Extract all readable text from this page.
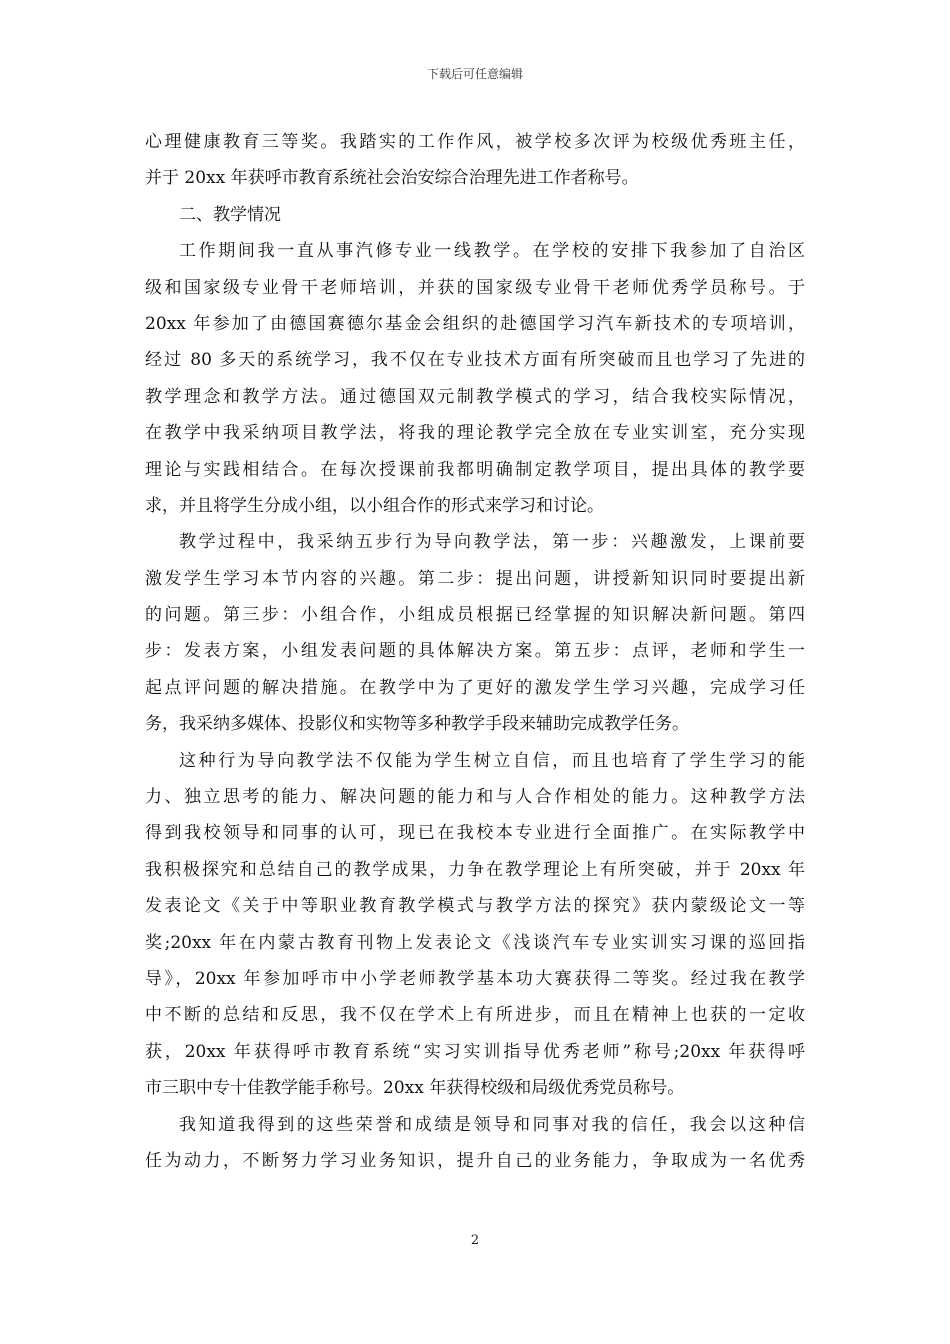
下载后可任意编辑
心理健康教育三等奖。我踏实的工作作风，被学校多次评为校级优秀班主任，
并于 20xx 年获呼市教育系统社会治安综合治理先进工作者称号。
二、教学情况
工作期间我一直从事汽修专业一线教学。在学校的安排下我参加了自治区
级和国家级专业骨干老师培训，并获的国家级专业骨干老师优秀学员称号。于
20xx 年参加了由德国赛德尔基金会组织的赴德国学习汽车新技术的专项培训，
经过 80 多天的系统学习，我不仅在专业技术方面有所突破而且也学习了先进的
教学理念和教学方法。通过德国双元制教学模式的学习，结合我校实际情况，
在教学中我采纳项目教学法，将我的理论教学完全放在专业实训室，充分实现
理论与实践相结合。在每次授课前我都明确制定教学项目，提出具体的教学要
求，并且将学生分成小组，以小组合作的形式来学习和讨论。
教学过程中，我采纳五步行为导向教学法，第一步：兴趣激发，上课前要
激发学生学习本节内容的兴趣。第二步：提出问题，讲授新知识同时要提出新
的问题。第三步：小组合作，小组成员根据已经掌握的知识解决新问题。第四
步：发表方案，小组发表问题的具体解决方案。第五步：点评，老师和学生一
起点评问题的解决措施。在教学中为了更好的激发学生学习兴趣，完成学习任
务，我采纳多媒体、投影仪和实物等多种教学手段来辅助完成教学任务。
这种行为导向教学法不仅能为学生树立自信，而且也培育了学生学习的能
力、独立思考的能力、解决问题的能力和与人合作相处的能力。这种教学方法
得到我校领导和同事的认可，现已在我校本专业进行全面推广。在实际教学中
我积极探究和总结自己的教学成果，力争在教学理论上有所突破，并于 20xx 年
发表论文《关于中等职业教育教学模式与教学方法的探究》获内蒙级论文一等
奖;20xx 年在内蒙古教育刊物上发表论文《浅谈汽车专业实训实习课的巡回指
导》，20xx 年参加呼市中小学老师教学基本功大赛获得二等奖。经过我在教学
中不断的总结和反思，我不仅在学术上有所进步，而且在精神上也获的一定收
获，20xx 年获得呼市教育系统“实习实训指导优秀老师”称号;20xx 年获得呼
市三职中专十佳教学能手称号。20xx 年获得校级和局级优秀党员称号。
我知道我得到的这些荣誉和成绩是领导和同事对我的信任，我会以这种信
任为动力，不断努力学习业务知识，提升自己的业务能力，争取成为一名优秀
2
